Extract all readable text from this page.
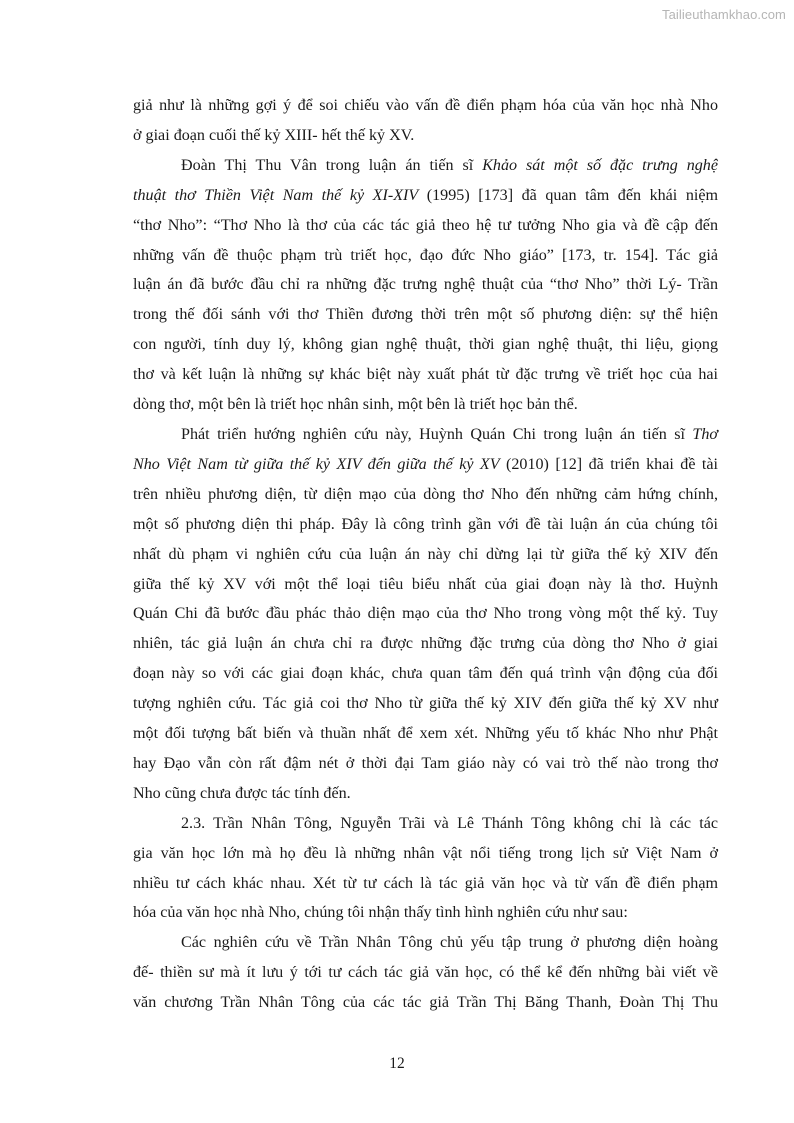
Tailieuthamkhao.com

giả như là những gợi ý để soi chiếu vào vấn đề điển phạm hóa của văn học nhà Nho
ở giai đoạn cuối thế kỷ XIII- hết thế kỷ XV.

Đoàn Thị Thu Vân trong luận án tiến sĩ Khảo sát một số đặc trưng nghệ
thuật thơ Thiền Việt Nam thế kỷ XI-XIV (1995) [173] đã quan tâm đến khái niệm
“thơ Nho”: “Thơ Nho là thơ của các tác giả theo hệ tư tưởng Nho gia và đề cập đến
những vấn đề thuộc phạm trù triết học, đạo đức Nho giáo” [173, tr. 154]. Tác giả
luận án đã bước đầu chỉ ra những đặc trưng nghệ thuật của “thơ Nho” thời Lý- Trần
trong thế đối sánh với thơ Thiền đương thời trên một số phương diện: sự thể hiện
con người, tính duy lý, không gian nghệ thuật, thời gian nghệ thuật, thi liệu, giọng
thơ và kết luận là những sự khác biệt này xuất phát từ đặc trưng về triết học của hai
dòng thơ, một bên là triết học nhân sinh, một bên là triết học bản thể.

Phát triển hướng nghiên cứu này, Huỳnh Quán Chi trong luận án tiến sĩ Thơ
Nho Việt Nam từ giữa thế kỷ XIV đến giữa thế kỷ XV (2010) [12] đã triển khai đề tài
trên nhiều phương diện, từ diện mạo của dòng thơ Nho đến những cảm hứng chính,
một số phương diện thi pháp. Đây là công trình gần với đề tài luận án của chúng tôi
nhất dù phạm vi nghiên cứu của luận án này chỉ dừng lại từ giữa thế kỷ XIV đến
giữa thế kỷ XV với một thể loại tiêu biểu nhất của giai đoạn này là thơ. Huỳnh
Quán Chi đã bước đầu phác thảo diện mạo của thơ Nho trong vòng một thế kỷ. Tuy
nhiên, tác giả luận án chưa chỉ ra được những đặc trưng của dòng thơ Nho ở giai
đoạn này so với các giai đoạn khác, chưa quan tâm đến quá trình vận động của đối
tượng nghiên cứu. Tác giả coi thơ Nho từ giữa thế kỷ XIV đến giữa thế kỷ XV như
một đối tượng bất biến và thuần nhất để xem xét. Những yếu tố khác Nho như Phật
hay Đạo vẫn còn rất đậm nét ở thời đại Tam giáo này có vai trò thế nào trong thơ
Nho cũng chưa được tác tính đến.

2.3. Trần Nhân Tông, Nguyễn Trãi và Lê Thánh Tông không chỉ là các tác
gia văn học lớn mà họ đều là những nhân vật nổi tiếng trong lịch sử Việt Nam ở
nhiều tư cách khác nhau. Xét từ tư cách là tác giả văn học và từ vấn đề điển phạm
hóa của văn học nhà Nho, chúng tôi nhận thấy tình hình nghiên cứu như sau:

Các nghiên cứu về Trần Nhân Tông chủ yếu tập trung ở phương diện hoàng
đế- thiền sư mà ít lưu ý tới tư cách tác giả văn học, có thể kể đến những bài viết về
văn chương Trần Nhân Tông của các tác giả Trần Thị Băng Thanh, Đoàn Thị Thu

12
